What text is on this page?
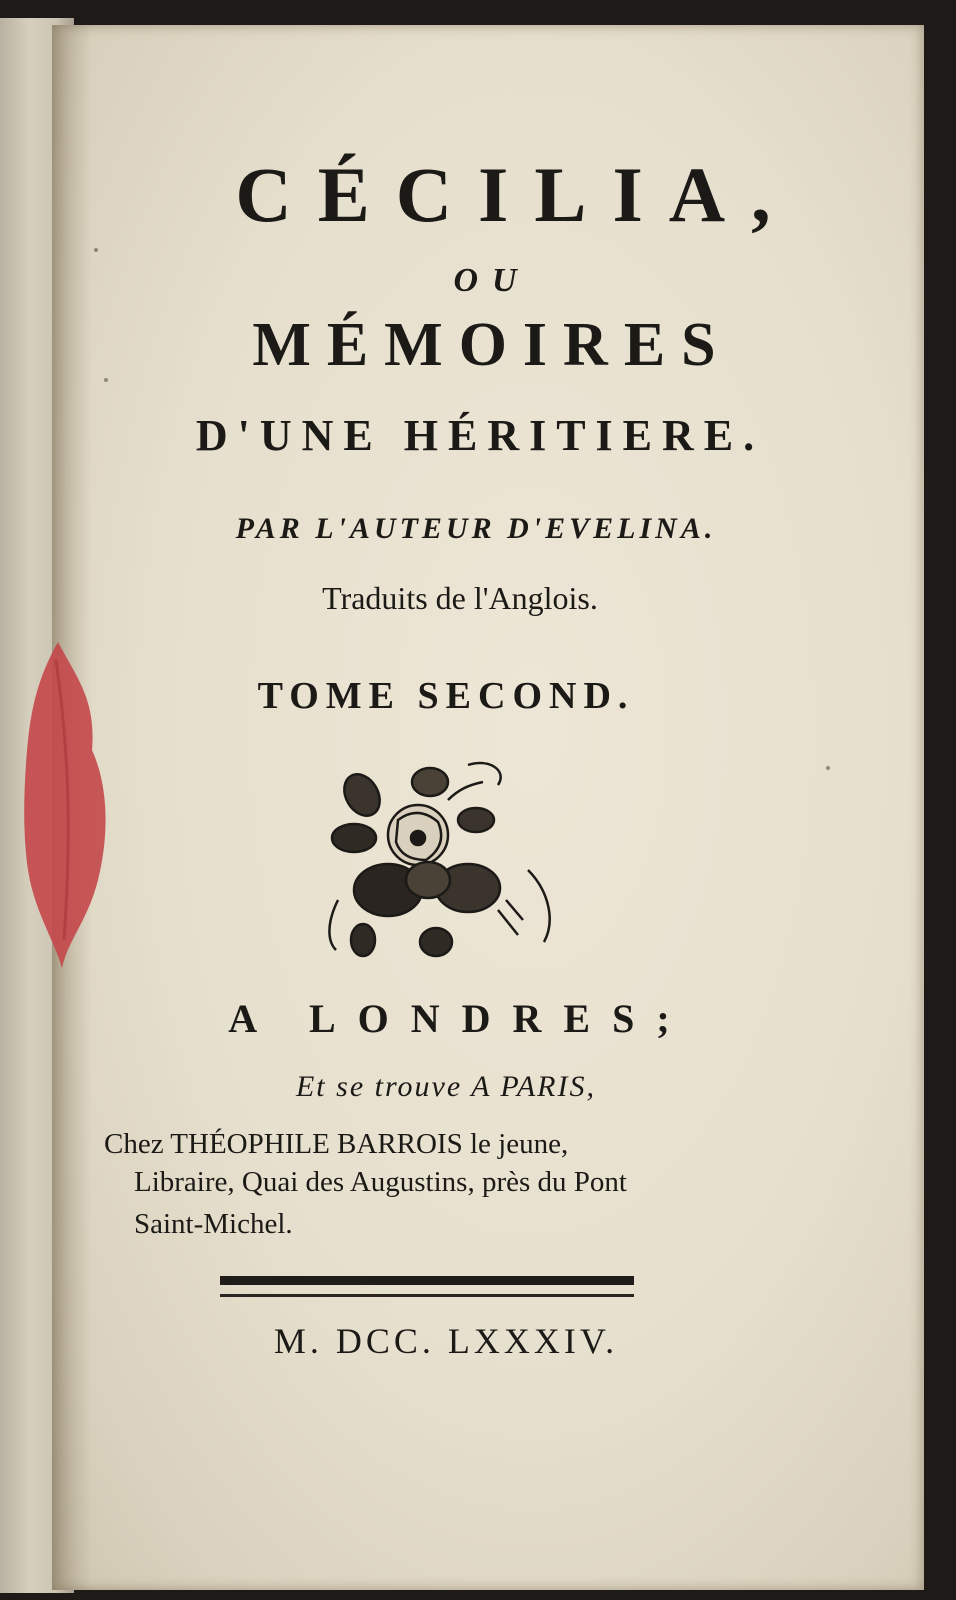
CÉCILIA,
OU
MÉMOIRES
D'UNE HÉRITIERE.
PAR L'AUTEUR D'EVELINA.
Traduits de l'Anglois.
TOME SECOND.
A LONDRES;
Et se trouve A PARIS,
Chez THÉOPHILE BARROIS le jeune,
Libraire, Quai des Augustins, près du Pont
Saint-Michel.
M. DCC. LXXXIV.
